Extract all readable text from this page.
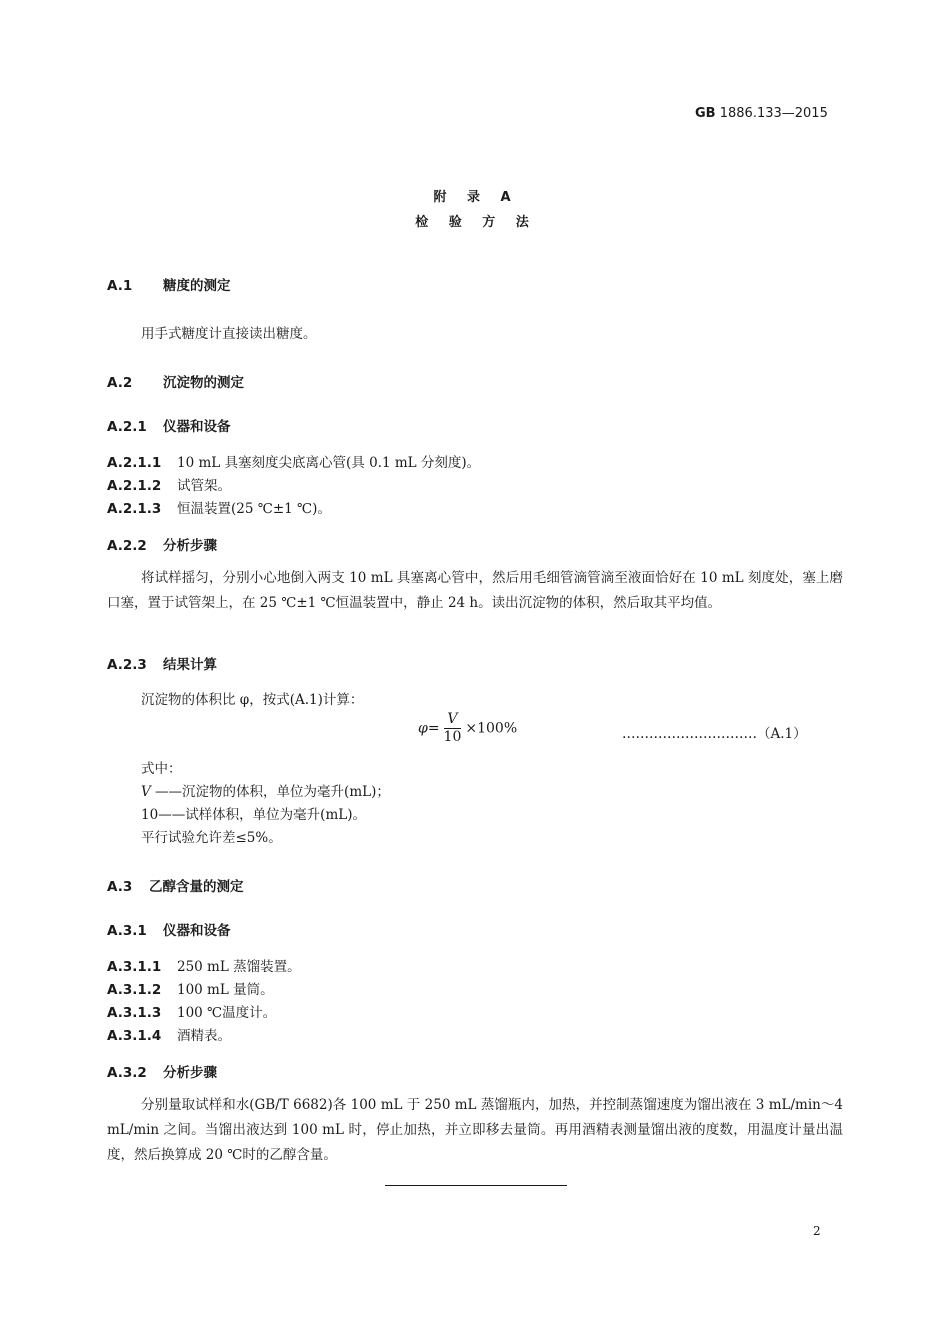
GB 1886.133—2015
附 录 A
检 验 方 法
A.1 糖度的测定
用手式糖度计直接读出糖度。
A.2 沉淀物的测定
A.2.1 仪器和设备
A.2.1.1 10 mL 具塞刻度尖底离心管(具 0.1 mL 分刻度)。
A.2.1.2 试管架。
A.2.1.3 恒温装置(25 ℃±1 ℃)。
A.2.2 分析步骤
将试样摇匀，分别小心地倒入两支 10 mL 具塞离心管中，然后用毛细管滴管滴至液面恰好在 10 mL 刻度处，塞上磨口塞，置于试管架上，在 25 ℃±1 ℃恒温装置中，静止 24 h。读出沉淀物的体积，然后取其平均值。
A.2.3 结果计算
沉淀物的体积比 φ，按式(A.1)计算：
$\varphi= \frac{V}{10} \times 100\%$	…………………………（A.1）
式中：
V ——沉淀物的体积，单位为毫升(mL)；
10——试样体积，单位为毫升(mL)。
平行试验允许差≤5%。
A.3 乙醇含量的测定
A.3.1 仪器和设备
A.3.1.1 250 mL 蒸馏装置。
A.3.1.2 100 mL 量筒。
A.3.1.3 100 ℃温度计。
A.3.1.4 酒精表。
A.3.2 分析步骤
分别量取试样和水(GB/T 6682)各 100 mL 于 250 mL 蒸馏瓶内，加热，并控制蒸馏速度为馏出液在 3 mL/min～4 mL/min 之间。当馏出液达到 100 mL 时，停止加热，并立即移去量筒。再用酒精表测量馏出液的度数，用温度计量出温度，然后换算成 20 ℃时的乙醇含量。
2
